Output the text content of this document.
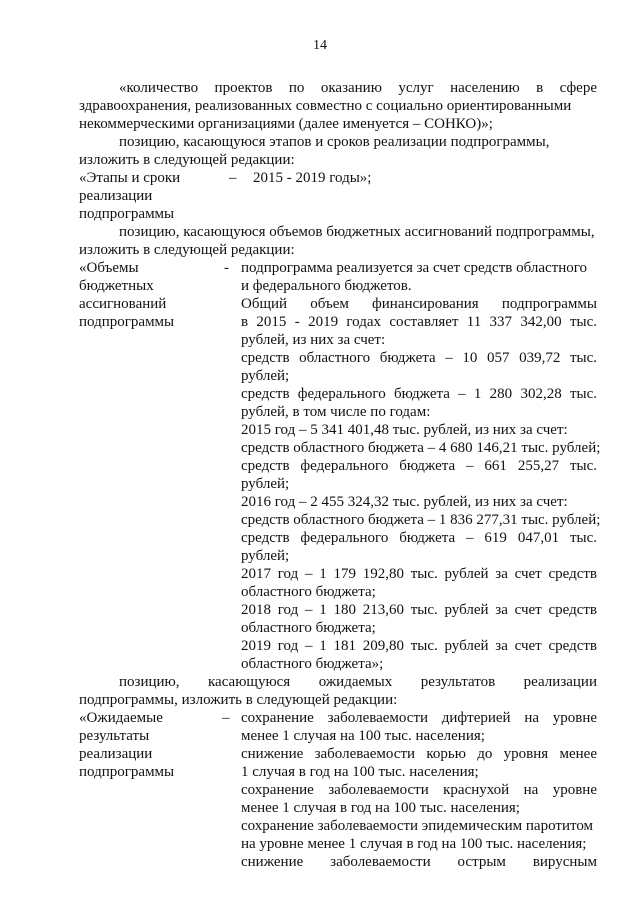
14
«количество проектов по оказанию услуг населению в сфере
здравоохранения, реализованных совместно с социально ориентированными
некоммерческими организациями (далее именуется – СОНКО)»;
позицию, касающуюся этапов и сроков реализации подпрограммы,
изложить в следующей редакции:
«Этапы и сроки	– 2015 - 2019 годы»;
реализации
подпрограммы
позицию, касающуюся объемов бюджетных ассигнований подпрограммы,
изложить в следующей редакции:
«Объемы
бюджетных
ассигнований
подпрограммы
- подпрограмма реализуется за счет средств областного
и федерального бюджетов.
Общий объем финансирования подпрограммы
в 2015 - 2019 годах составляет 11 337 342,00 тыс.
рублей, из них за счет:
средств областного бюджета – 10 057 039,72 тыс.
рублей;
средств федерального бюджета – 1 280 302,28 тыс.
рублей, в том числе по годам:
2015 год – 5 341 401,48 тыс. рублей, из них за счет:
средств областного бюджета – 4 680 146,21 тыс. рублей;
средств федерального бюджета – 661 255,27 тыс.
рублей;
2016 год – 2 455 324,32 тыс. рублей, из них за счет:
средств областного бюджета – 1 836 277,31 тыс. рублей;
средств федерального бюджета – 619 047,01 тыс.
рублей;
2017 год – 1 179 192,80 тыс. рублей за счет средств
областного бюджета;
2018 год – 1 180 213,60 тыс. рублей за счет средств
областного бюджета;
2019 год – 1 181 209,80 тыс. рублей за счет средств
областного бюджета»;
позицию, касающуюся ожидаемых результатов реализации
подпрограммы, изложить в следующей редакции:
«Ожидаемые
результаты
реализации
подпрограммы
– сохранение заболеваемости дифтерией на уровне
менее 1 случая на 100 тыс. населения;
снижение заболеваемости корью до уровня менее
1 случая в год на 100 тыс. населения;
сохранение заболеваемости краснухой на уровне
менее 1 случая в год на 100 тыс. населения;
сохранение заболеваемости эпидемическим паротитом
на уровне менее 1 случая в год на 100 тыс. населения;
снижение заболеваемости острым вирусным
